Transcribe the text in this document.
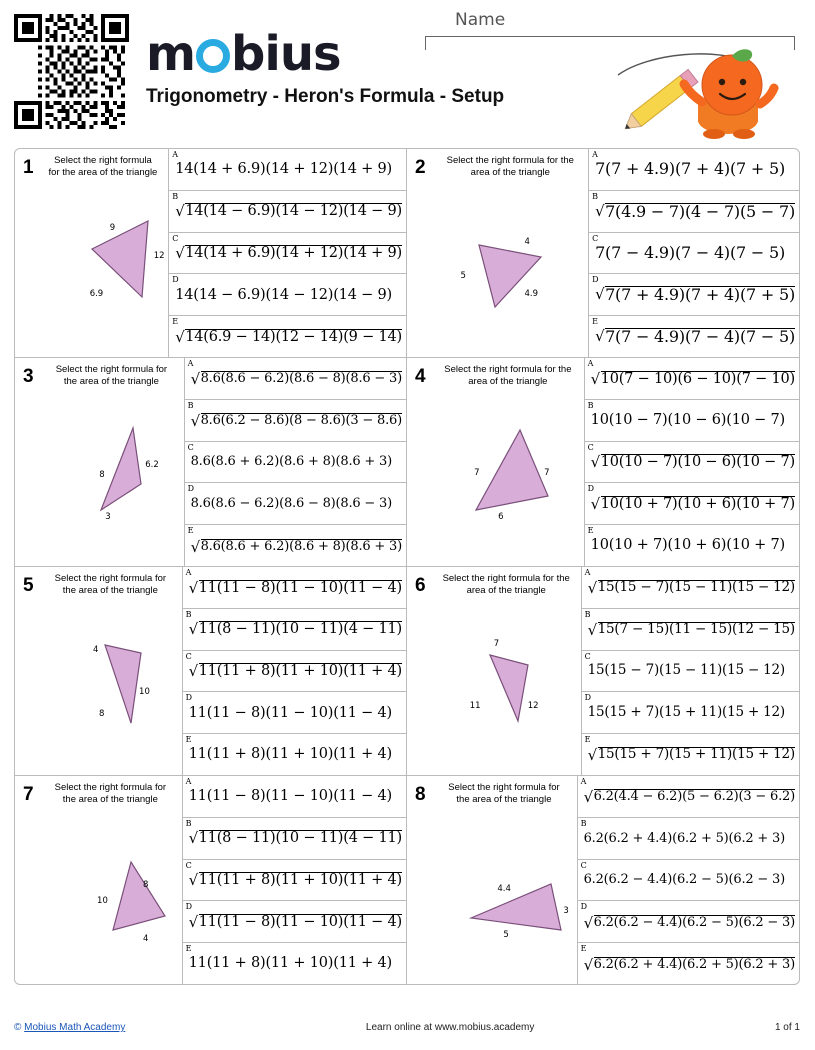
m bius
Trigonometry - Heron's Formula - Setup
Name
1	Select the right formula for the area of the triangle
9
12
6.9
A
14(14 + 6.9)(14 + 12)(14 + 9)
B
√ 14(14 − 6.9)(14 − 12)(14 − 9)
C
√ 14(14 + 6.9)(14 + 12)(14 + 9)
D
14(14 − 6.9)(14 − 12)(14 − 9)
E
√ 14(6.9 − 14)(12 − 14)(9 − 14)
2	Select the right formula for the area of the triangle
4
5
4.9
A
7(7 + 4.9)(7 + 4)(7 + 5)
B
√ 7(4.9 − 7)(4 − 7)(5 − 7)
C
7(7 − 4.9)(7 − 4)(7 − 5)
D
√ 7(7 + 4.9)(7 + 4)(7 + 5)
E
√ 7(7 − 4.9)(7 − 4)(7 − 5)
3	Select the right formula for the area of the triangle
8
6.2
3
A
√ 8.6(8.6 − 6.2)(8.6 − 8)(8.6 − 3)
B
√ 8.6(6.2 − 8.6)(8 − 8.6)(3 − 8.6)
C
8.6(8.6 + 6.2)(8.6 + 8)(8.6 + 3)
D
8.6(8.6 − 6.2)(8.6 − 8)(8.6 − 3)
E
√ 8.6(8.6 + 6.2)(8.6 + 8)(8.6 + 3)
4	Select the right formula for the area of the triangle
7	7
6
A
√ 10(7 − 10)(6 − 10)(7 − 10)
B
10(10 − 7)(10 − 6)(10 − 7)
C
√ 10(10 − 7)(10 − 6)(10 − 7)
D
√ 10(10 + 7)(10 + 6)(10 + 7)
E
10(10 + 7)(10 + 6)(10 + 7)
5	Select the right formula for the area of the triangle
4
10
8
A
√ 11(11 − 8)(11 − 10)(11 − 4)
B
√ 11(8 − 11)(10 − 11)(4 − 11)
C
√ 11(11 + 8)(11 + 10)(11 + 4)
D
11(11 − 8)(11 − 10)(11 − 4)
E
11(11 + 8)(11 + 10)(11 + 4)
6	Select the right formula for the area of the triangle
7
11	12
A
√ 15(15 − 7)(15 − 11)(15 − 12)
B
√ 15(7 − 15)(11 − 15)(12 − 15)
C
15(15 − 7)(15 − 11)(15 − 12)
D
15(15 + 7)(15 + 11)(15 + 12)
E
√ 15(15 + 7)(15 + 11)(15 + 12)
7	Select the right formula for the area of the triangle
8
10
4
A
11(11 − 8)(11 − 10)(11 − 4)
B
√ 11(8 − 11)(10 − 11)(4 − 11)
C
√ 11(11 + 8)(11 + 10)(11 + 4)
D
√ 11(11 − 8)(11 − 10)(11 − 4)
E
11(11 + 8)(11 + 10)(11 + 4)
8	Select the right formula for the area of the triangle
4.4
3
5
A
√ 6.2(4.4 − 6.2)(5 − 6.2)(3 − 6.2)
B
6.2(6.2 + 4.4)(6.2 + 5)(6.2 + 3)
C
6.2(6.2 − 4.4)(6.2 − 5)(6.2 − 3)
D
√ 6.2(6.2 − 4.4)(6.2 − 5)(6.2 − 3)
E
√ 6.2(6.2 + 4.4)(6.2 + 5)(6.2 + 3)
© Mobius Math Academy	Learn online at www.mobius.academy	1 of 1
